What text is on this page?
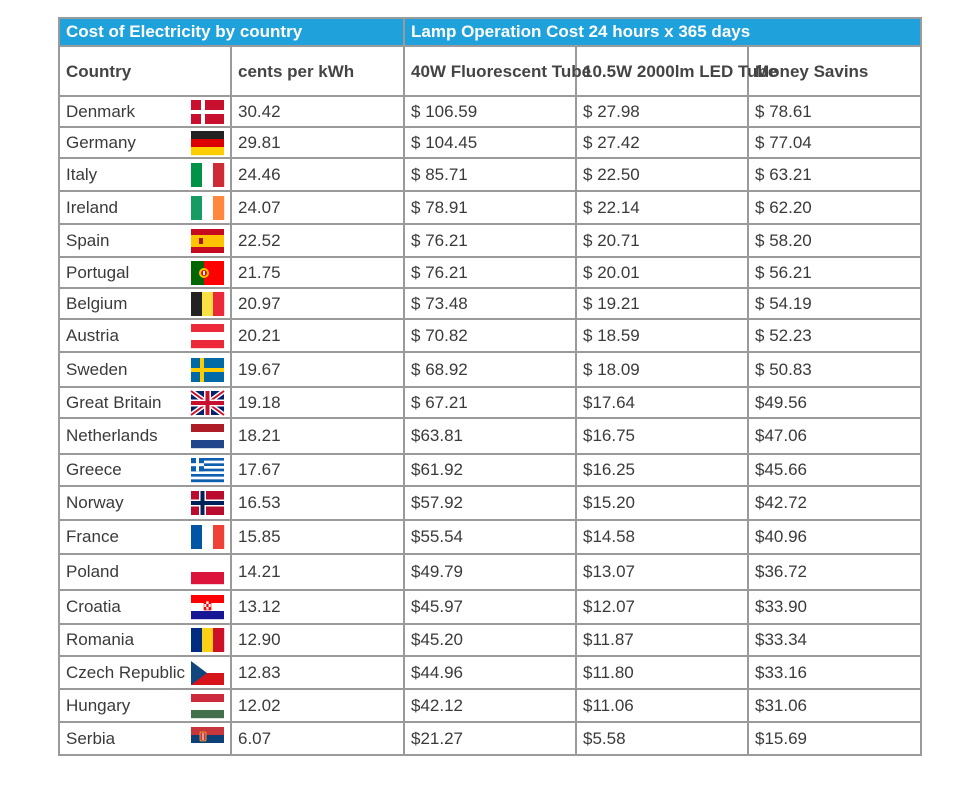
Cost of Electricity by country		Lamp Operation Cost 24 hours x 365 days		
Country	cents per kWh	40W Fluorescent Tube	10.5W 2000lm LED Tube	Money Savins

Denmark	30.42	$ 106.59	$ 27.98	$ 78.61

Germany	29.81	$ 104.45	$ 27.42	$ 77.04

Italy	24.46	$ 85.71	$ 22.50	$ 63.21

Ireland	24.07	$ 78.91	$ 22.14	$ 62.20

Spain	22.52	$ 76.21	$ 20.71	$ 58.20

Portugal	21.75	$ 76.21	$ 20.01	$ 56.21

Belgium	20.97	$ 73.48	$ 19.21	$ 54.19

Austria	20.21	$ 70.82	$ 18.59	$ 52.23

Sweden	19.67	$ 68.92	$ 18.09	$ 50.83

Great Britain	19.18	$ 67.21	$17.64	$49.56

Netherlands	18.21	$63.81	$16.75	$47.06

Greece	17.67	$61.92	$16.25	$45.66

Norway	16.53	$57.92	$15.20	$42.72

France	15.85	$55.54	$14.58	$40.96

Poland	14.21	$49.79	$13.07	$36.72

Croatia	13.12	$45.97	$12.07	$33.90

Romania	12.90	$45.20	$11.87	$33.34

Czech Republic	12.83	$44.96	$11.80	$33.16

Hungary	12.02	$42.12	$11.06	$31.06

Serbia	6.07	$21.27	$5.58	$15.69
